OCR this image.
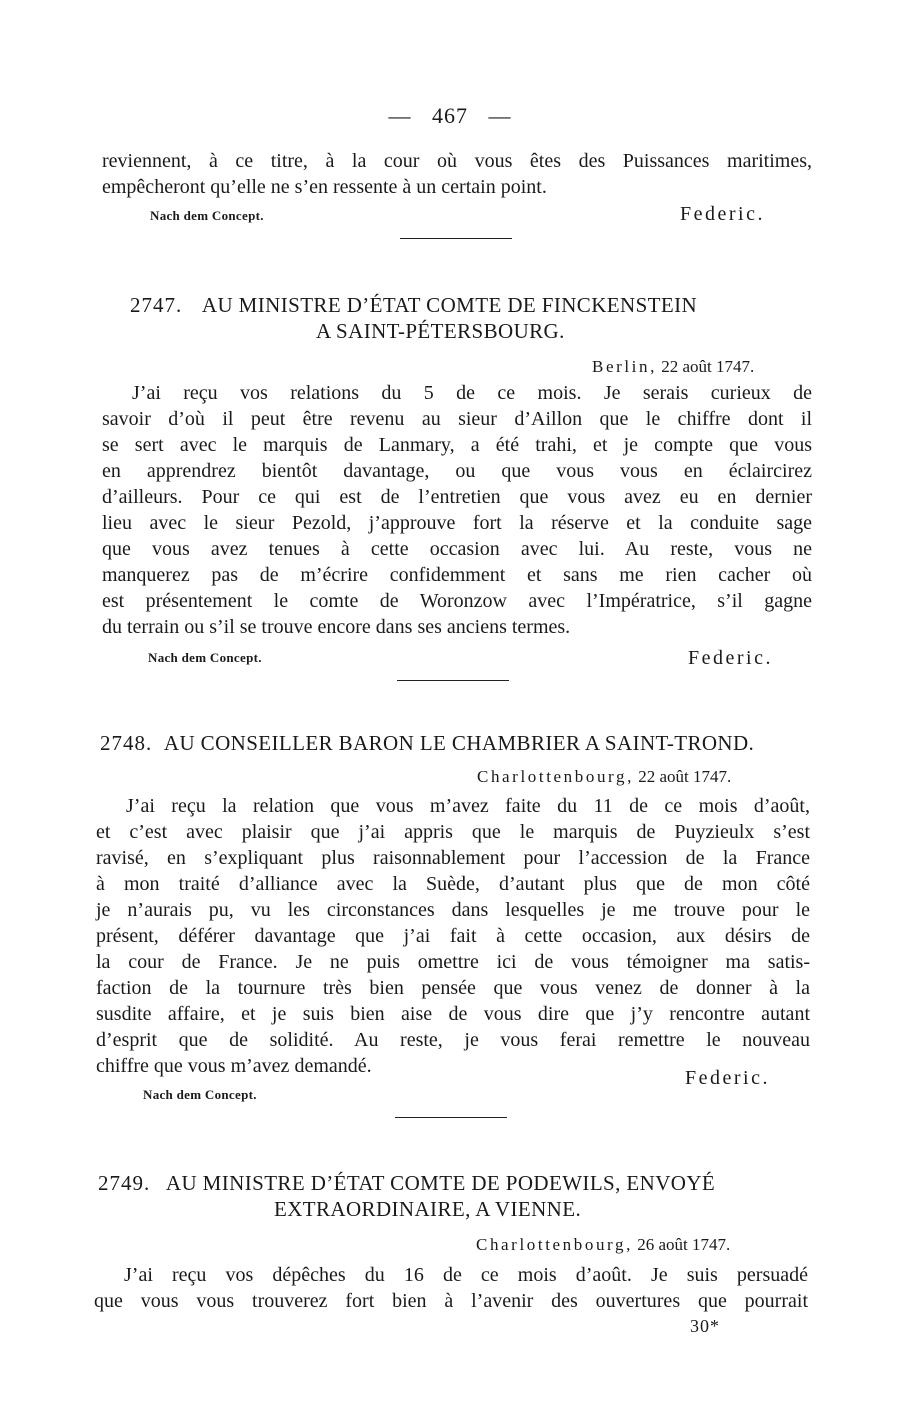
— 467 —

reviennent, à ce titre, à la cour où vous êtes des Puissances maritimes,
empêcheront qu’elle ne s’en ressente à un certain point.

Nach dem Concept.	Federic.
2747. AU MINISTRE D’ÉTAT COMTE DE FINCKENSTEIN
A SAINT-PÉTERSBOURG.
Berlin, 22 août 1747.

J’ai reçu vos relations du 5 de ce mois. Je serais curieux de
savoir d’où il peut être revenu au sieur d’Aillon que le chiffre dont il
se sert avec le marquis de Lanmary, a été trahi, et je compte que vous
en apprendrez bientôt davantage, ou que vous vous en éclaircirez
d’ailleurs. Pour ce qui est de l’entretien que vous avez eu en dernier
lieu avec le sieur Pezold, j’approuve fort la réserve et la conduite sage
que vous avez tenues à cette occasion avec lui. Au reste, vous ne
manquerez pas de m’écrire confidemment et sans me rien cacher où
est présentement le comte de Woronzow avec l’Impératrice, s’il gagne
du terrain ou s’il se trouve encore dans ses anciens termes.

Nach dem Concept.	Federic.
2748. AU CONSEILLER BARON LE CHAMBRIER A SAINT-TROND.
Charlottenbourg, 22 août 1747.

J’ai reçu la relation que vous m’avez faite du 11 de ce mois d’août,
et c’est avec plaisir que j’ai appris que le marquis de Puyzieulx s’est
ravisé, en s’expliquant plus raisonnablement pour l’accession de la France
à mon traité d’alliance avec la Suède, d’autant plus que de mon côté
je n’aurais pu, vu les circonstances dans lesquelles je me trouve pour le
présent, déférer davantage que j’ai fait à cette occasion, aux désirs de
la cour de France. Je ne puis omettre ici de vous témoigner ma satis-
faction de la tournure très bien pensée que vous venez de donner à la
susdite affaire, et je suis bien aise de vous dire que j’y rencontre autant
d’esprit que de solidité. Au reste, je vous ferai remettre le nouveau
chiffre que vous m’avez demandé.

Federic.
Nach dem Concept.
2749. AU MINISTRE D’ÉTAT COMTE DE PODEWILS, ENVOYÉ
EXTRAORDINAIRE, A VIENNE.
Charlottenbourg, 26 août 1747.

J’ai reçu vos dépêches du 16 de ce mois d’août. Je suis persuadé
que vous vous trouverez fort bien à l’avenir des ouvertures que pourrait

30*
